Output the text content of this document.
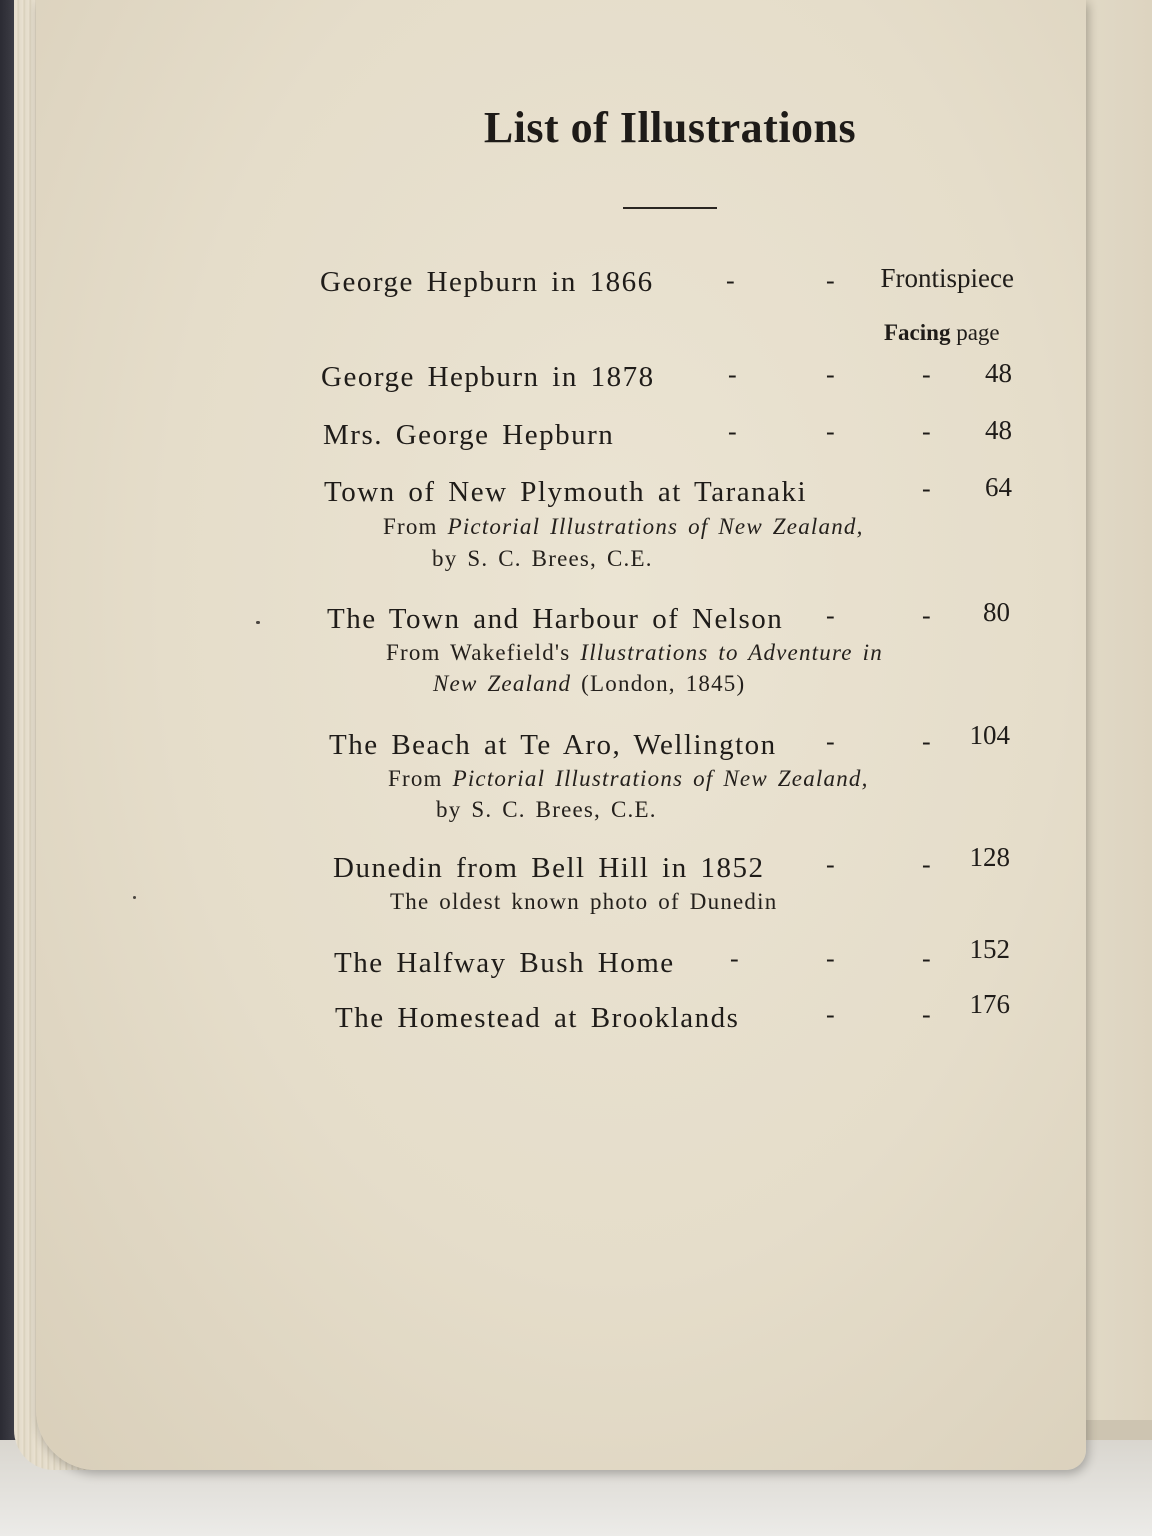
List of Illustrations
George Hepburn in 1866	-	-	Frontispiece
Facing page
George Hepburn in 1878	-	-	-	48
Mrs. George Hepburn	-	-	-	48
Town of New Plymouth at Taranaki	-	64
From Pictorial Illustrations of New Zealand,
by S. C. Brees, C.E.
The Town and Harbour of Nelson -	-	80
From Wakefield's Illustrations to Adventure in
New Zealand (London, 1845)
The Beach at Te Aro, Wellington -	-	104
From Pictorial Illustrations of New Zealand,
by S. C. Brees, C.E.
Dunedin from Bell Hill in 1852 -	-	128
The oldest known photo of Dunedin
The Halfway Bush Home -	-	-	152
The Homestead at Brooklands	-	-	176
